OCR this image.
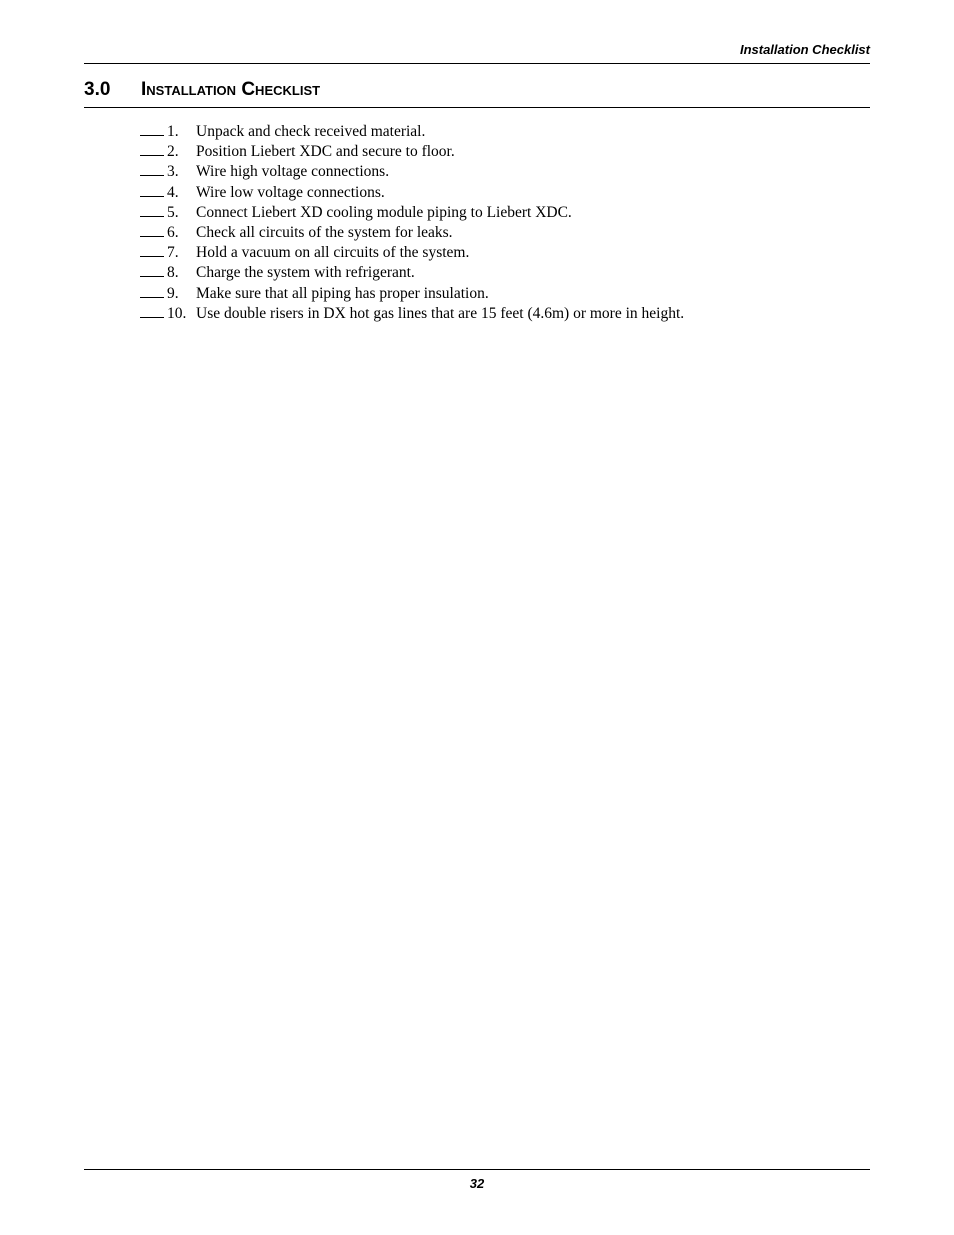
Installation Checklist
3.0 Installation Checklist
1. Unpack and check received material.
2. Position Liebert XDC and secure to floor.
3. Wire high voltage connections.
4. Wire low voltage connections.
5. Connect Liebert XD cooling module piping to Liebert XDC.
6. Check all circuits of the system for leaks.
7. Hold a vacuum on all circuits of the system.
8. Charge the system with refrigerant.
9. Make sure that all piping has proper insulation.
10. Use double risers in DX hot gas lines that are 15 feet (4.6m) or more in height.
32
